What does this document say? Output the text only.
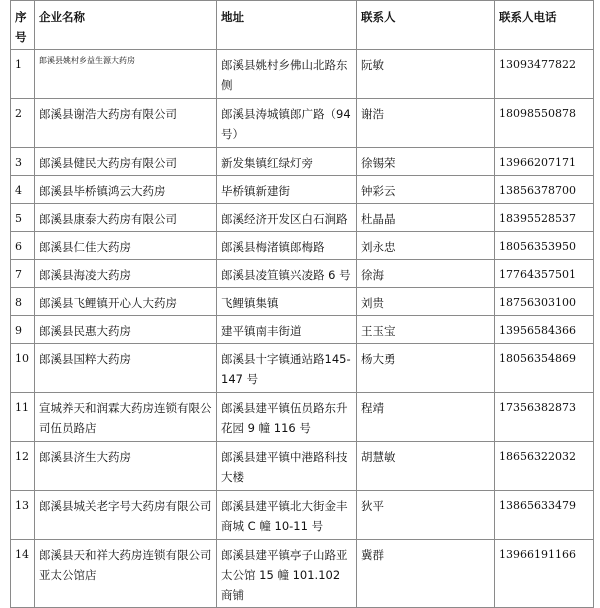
序号	企业名称	地址	联系人	联系人电话
1	郎溪县姚村乡益生源大药房	郎溪县姚村乡佛山北路东侧	阮敏	13093477822
2	郎溪县谢浩大药房有限公司	郎溪县涛城镇郎广路（94号）	谢浩	18098550878
3	郎溪县健民大药房有限公司	新发集镇红绿灯旁	徐锡荣	13966207171
4	郎溪县毕桥镇鸿云大药房	毕桥镇新建街	钟彩云	13856378700
5	郎溪县康泰大药房有限公司	郎溪经济开发区白石涧路	杜晶晶	18395528537
6	郎溪县仁佳大药房	郎溪县梅渚镇郎梅路	刘永忠	18056353950
7	郎溪县海凌大药房	郎溪县凌笪镇兴凌路 6 号	徐海	17764357501
8	郎溪县飞鲤镇开心人大药房	飞鲤镇集镇	刘贵	18756303100
9	郎溪县民惠大药房	建平镇南丰街道	王玉宝	13956584366
10	郎溪县国粹大药房	郎溪县十字镇通站路145-147 号	杨大勇	18056354869
11	宣城养天和润霖大药房连锁有限公司伍员路店	郎溪县建平镇伍员路东升花园 9 幢 116 号	程靖	17356382873
12	郎溪县济生大药房	郎溪县建平镇中港路科技大楼	胡慧敏	18656322032
13	郎溪县城关老字号大药房有限公司	郎溪县建平镇北大街金丰商城 C 幢 10-11 号	狄平	13865633479
14	郎溪县天和祥大药房连锁有限公司亚太公馆店	郎溪县建平镇亭子山路亚太公馆 15 幢 101.102 商铺	冀群	13966191166
